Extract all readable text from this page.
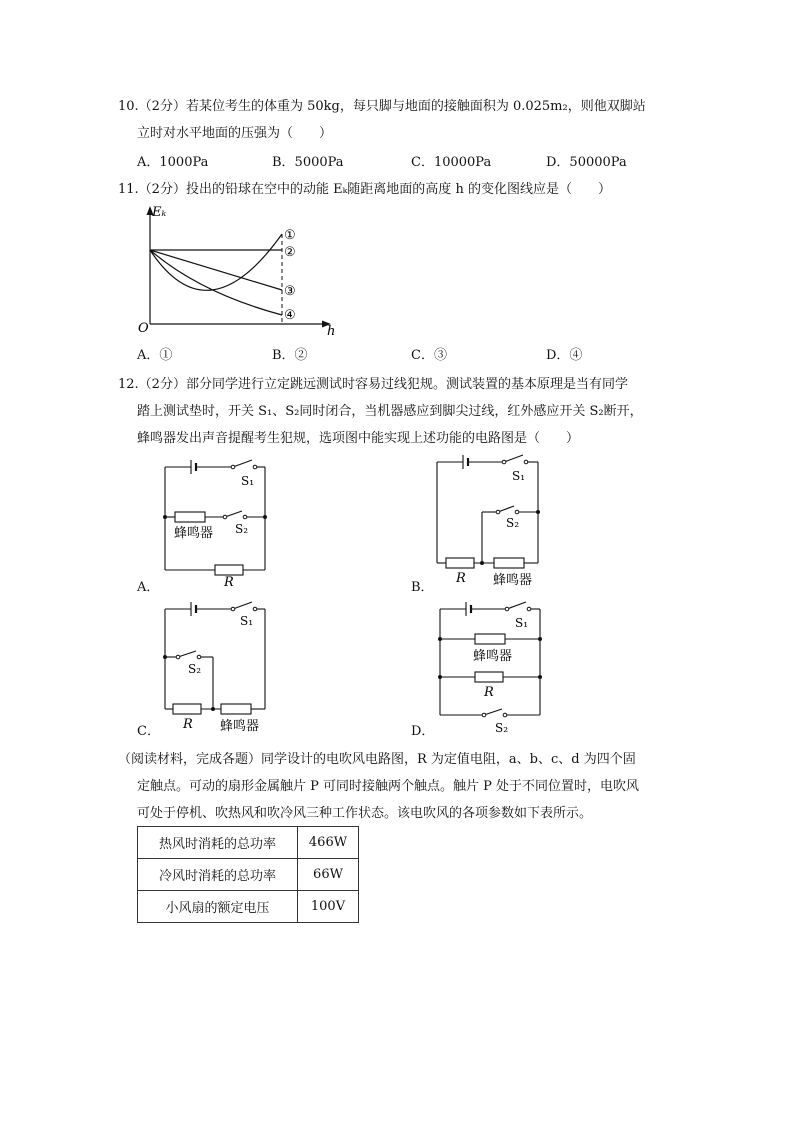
10.（2分）若某位考生的体重为 50kg，每只脚与地面的接触面积为 0.025m₂，则他双脚站
立时对水平地面的压强为（　　）
A．1000Pa	B．5000Pa	C．10000Pa	D．50000Pa
11.（2分）投出的铅球在空中的动能 Eₖ随距离地面的高度 h 的变化图线应是（　　）
Eₖ
h
O
①
②
③
④
A．①	B．②	C．③	D．④
12.（2分）部分同学进行立定跳远测试时容易过线犯规。测试装置的基本原理是当有同学
踏上测试垫时，开关 S₁、S₂同时闭合，当机器感应到脚尖过线，红外感应开关 S₂断开，
蜂鸣器发出声音提醒考生犯规，选项图中能实现上述功能的电路图是（　　）
S₁
S₂
蜂鸣器
R
A．
S₁
S₂
R 蜂鸣器
B．
S₁
S₂
R 蜂鸣器
C．
S₁
蜂鸣器
R
S₂
D．
（阅读材料，完成各题）同学设计的电吹风电路图，R 为定值电阻，a、b、c、d 为四个固
定触点。可动的扇形金属触片 P 可同时接触两个触点。触片 P 处于不同位置时，电吹风
可处于停机、吹热风和吹冷风三种工作状态。该电吹风的各项参数如下表所示。
热风时消耗的总功率	466W
冷风时消耗的总功率	66W
小风扇的额定电压	100V
